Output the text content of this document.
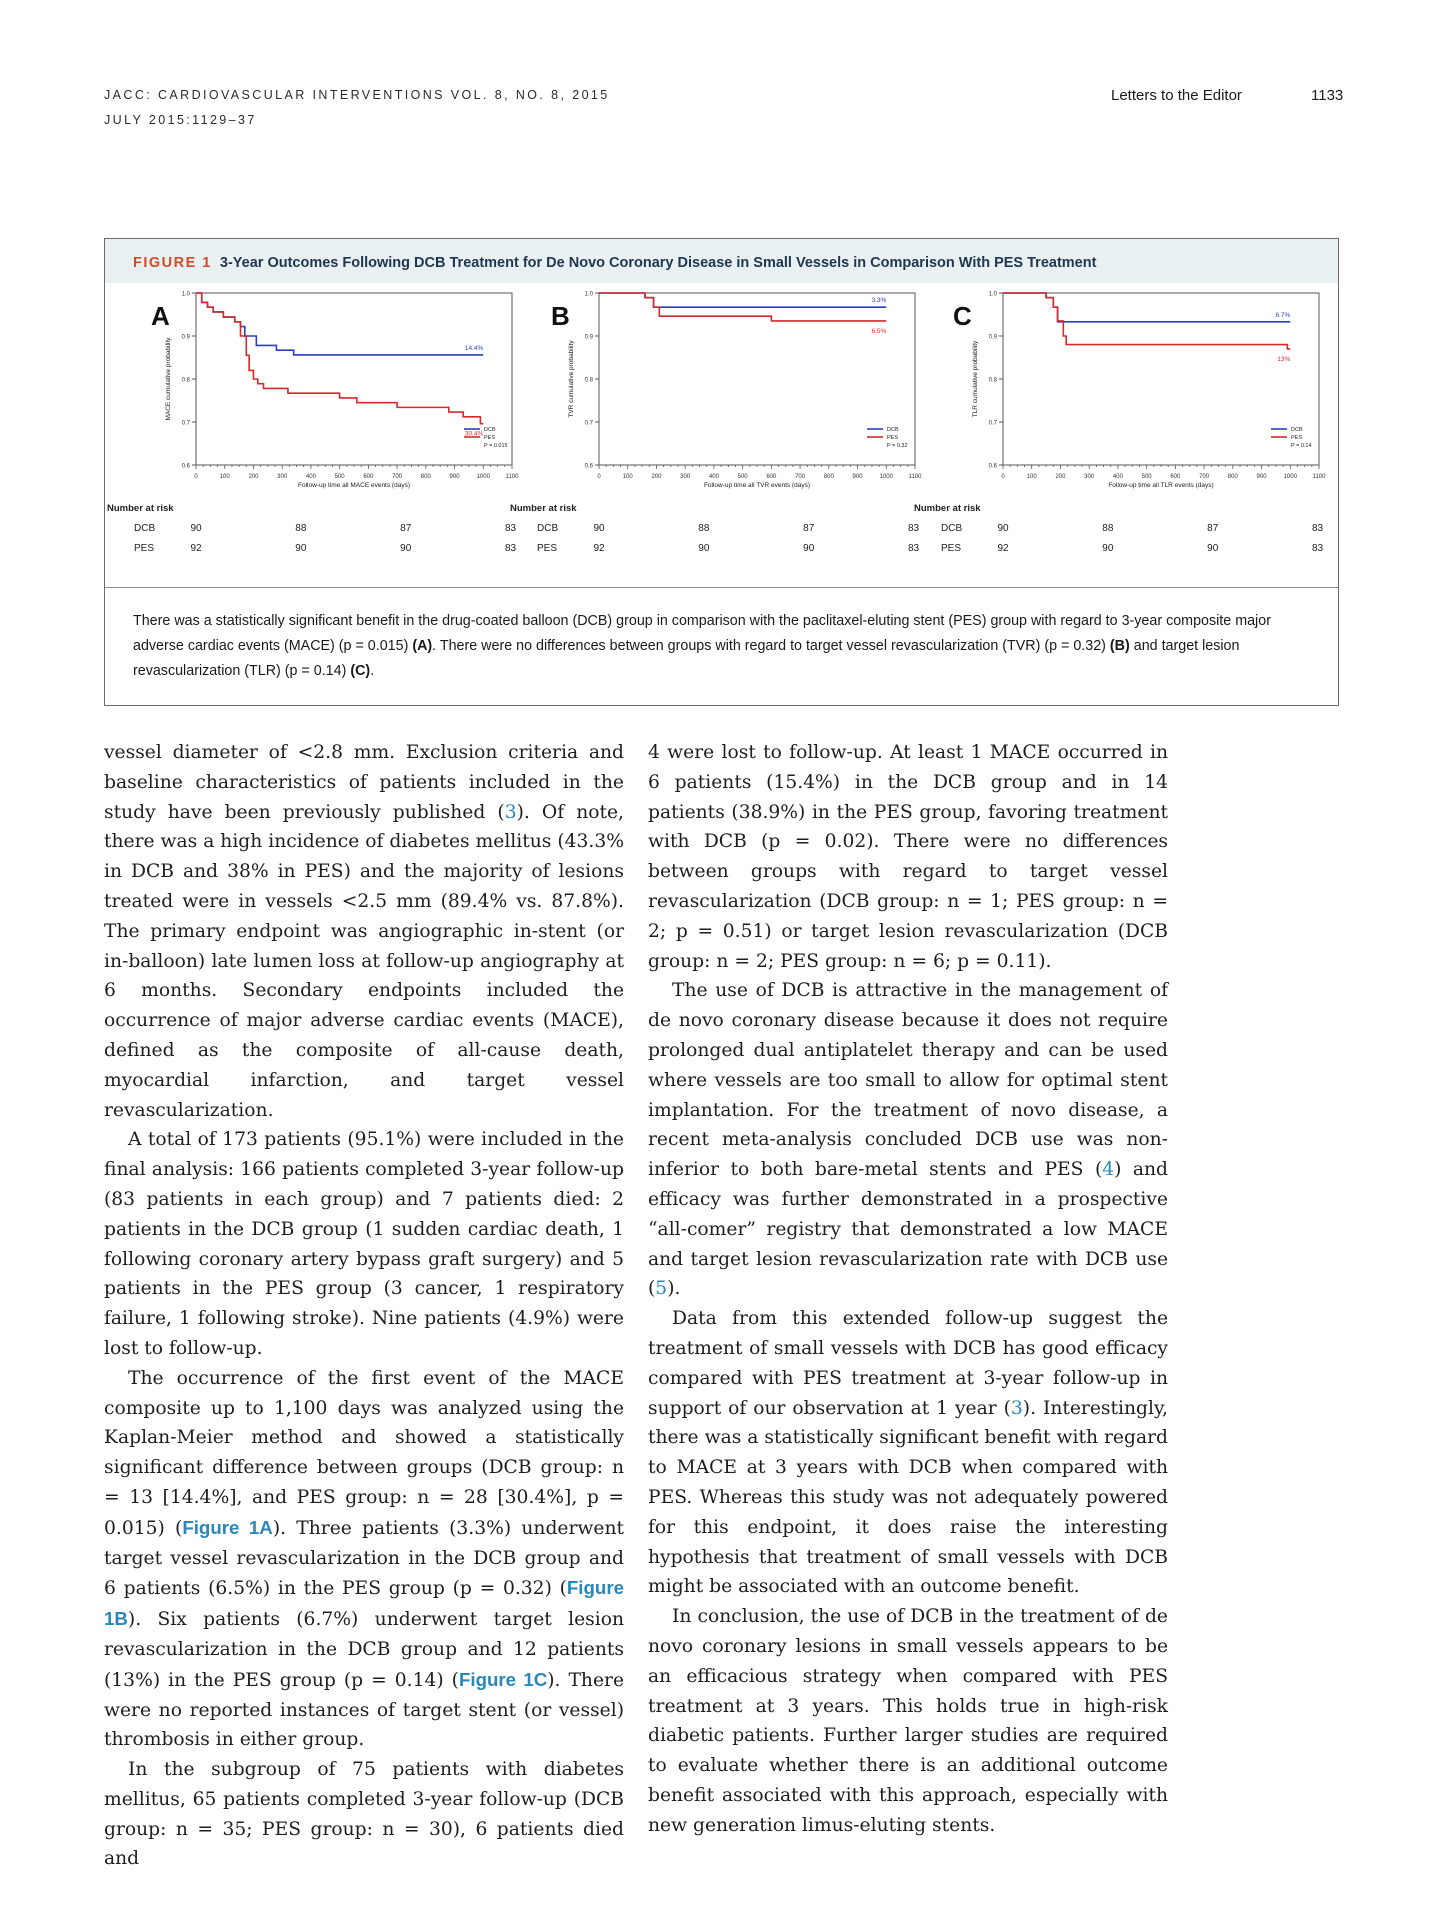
JACC: CARDIOVASCULAR INTERVENTIONS VOL. 8, NO. 8, 2015
JULY 2015:1129–37
Letters to the Editor	1133
FIGURE 1 3-Year Outcomes Following DCB Treatment for De Novo Coronary Disease in Small Vessels in Comparison With PES Treatment
A	B	C
0.6
0.7
0.8
0.9
1.0
0	100	200	300	400	500	600	700	800	900	1000	1100
Follow-up time all MACE events (days)
MACE cumulative probability	14.4%
30.4%
DCB
PES
P = 0.015
Number at risk
DCB	90	88	87	83
PES	92	90	90	83
0.6
0.7
0.8
0.9
1.0
0	100	200	300	400	500	600	700	800	900	1000	1100
Follow-up time all TVR events (days)
TVR cumulative probability
3.3%
6.5%
DCB
PES
P = 0.32
Number at risk
DCB	90	88	87	83
PES	92	90	90	83
0.6
0.7
0.8
0.9
1.0
0	100	200	300	400	500	600	700	800	900	1000	1100
Follow-up time all TLR events (days)
TLR cumulative probability
6.7%
13%
DCB
PES
P = 0.14
Number at risk
DCB	90	88	87	83
PES	92	90	90	83
There was a statistically significant benefit in the drug-coated balloon (DCB) group in comparison with the paclitaxel-eluting stent (PES) group with regard to 3-year composite major adverse cardiac events (MACE) (p = 0.015) (A). There were no differences between groups with regard to target vessel revascularization (TVR) (p = 0.32) (B) and target lesion revascularization (TLR) (p = 0.14) (C).

vessel diameter of <2.8 mm. Exclusion criteria and baseline characteristics of patients included in the study have been previously published (3). Of note, there was a high incidence of diabetes mellitus (43.3% in DCB and 38% in PES) and the majority of lesions treated were in vessels <2.5 mm (89.4% vs. 87.8%). The primary endpoint was angiographic in-stent (or in-balloon) late lumen loss at follow-up angiography at 6 months. Secondary endpoints included the occurrence of major adverse cardiac events (MACE), defined as the composite of all-cause death, myocardial infarction, and target vessel revascularization.

A total of 173 patients (95.1%) were included in the final analysis: 166 patients completed 3-year follow-up (83 patients in each group) and 7 patients died: 2 patients in the DCB group (1 sudden cardiac death, 1 following coronary artery bypass graft surgery) and 5 patients in the PES group (3 cancer, 1 respiratory failure, 1 following stroke). Nine patients (4.9%) were lost to follow-up.

The occurrence of the first event of the MACE composite up to 1,100 days was analyzed using the Kaplan-Meier method and showed a statistically significant difference between groups (DCB group: n = 13 [14.4%], and PES group: n = 28 [30.4%], p = 0.015) (Figure 1A). Three patients (3.3%) underwent target vessel revascularization in the DCB group and 6 patients (6.5%) in the PES group (p = 0.32) (Figure 1B). Six patients (6.7%) underwent target lesion revascularization in the DCB group and 12 patients (13%) in the PES group (p = 0.14) (Figure 1C). There were no reported instances of target stent (or vessel) thrombosis in either group.

In the subgroup of 75 patients with diabetes mellitus, 65 patients completed 3-year follow-up (DCB group: n = 35; PES group: n = 30), 6 patients died and

4 were lost to follow-up. At least 1 MACE occurred in 6 patients (15.4%) in the DCB group and in 14 patients (38.9%) in the PES group, favoring treatment with DCB (p = 0.02). There were no differences between groups with regard to target vessel revascularization (DCB group: n = 1; PES group: n = 2; p = 0.51) or target lesion revascularization (DCB group: n = 2; PES group: n = 6; p = 0.11).

The use of DCB is attractive in the management of de novo coronary disease because it does not require prolonged dual antiplatelet therapy and can be used where vessels are too small to allow for optimal stent implantation. For the treatment of novo disease, a recent meta-analysis concluded DCB use was non-inferior to both bare-metal stents and PES (4) and efficacy was further demonstrated in a prospective “all-comer” registry that demonstrated a low MACE and target lesion revascularization rate with DCB use (5).

Data from this extended follow-up suggest the treatment of small vessels with DCB has good efficacy compared with PES treatment at 3-year follow-up in support of our observation at 1 year (3). Interestingly, there was a statistically significant benefit with regard to MACE at 3 years with DCB when compared with PES. Whereas this study was not adequately powered for this endpoint, it does raise the interesting hypothesis that treatment of small vessels with DCB might be associated with an outcome benefit.

In conclusion, the use of DCB in the treatment of de novo coronary lesions in small vessels appears to be an efficacious strategy when compared with PES treatment at 3 years. This holds true in high-risk diabetic patients. Further larger studies are required to evaluate whether there is an additional outcome benefit associated with this approach, especially with new generation limus-eluting stents.
